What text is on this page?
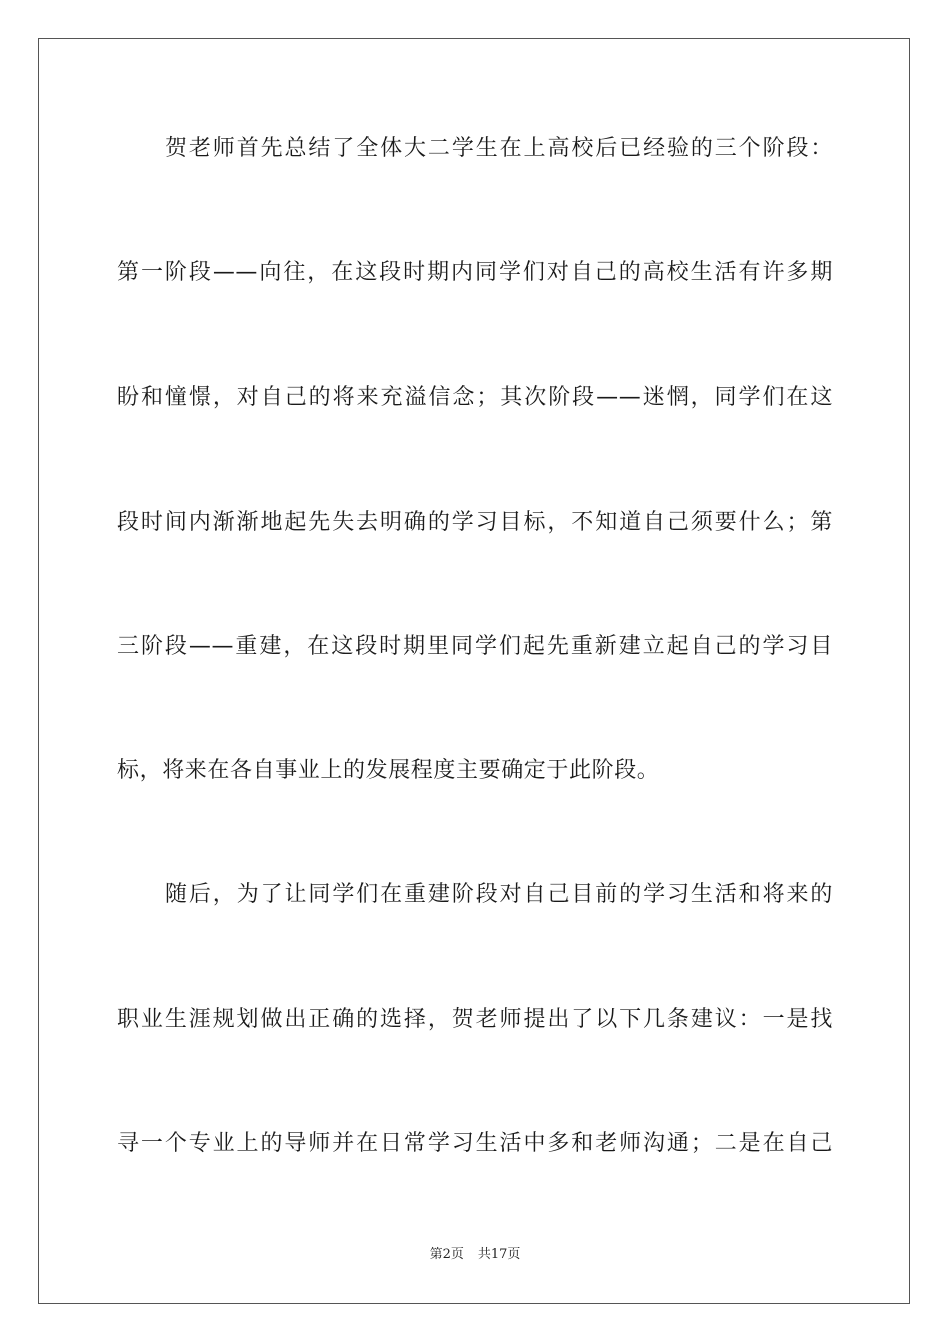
贺老师首先总结了全体大二学生在上高校后已经验的三个阶段：
第一阶段——向往，在这段时期内同学们对自己的高校生活有许多期
盼和憧憬，对自己的将来充溢信念；其次阶段——迷惘，同学们在这
段时间内渐渐地起先失去明确的学习目标，不知道自己须要什么；第
三阶段——重建，在这段时期里同学们起先重新建立起自己的学习目
标，将来在各自事业上的发展程度主要确定于此阶段。
随后，为了让同学们在重建阶段对自己目前的学习生活和将来的
职业生涯规划做出正确的选择，贺老师提出了以下几条建议：一是找
寻一个专业上的导师并在日常学习生活中多和老师沟通；二是在自己
第2页 共17页
